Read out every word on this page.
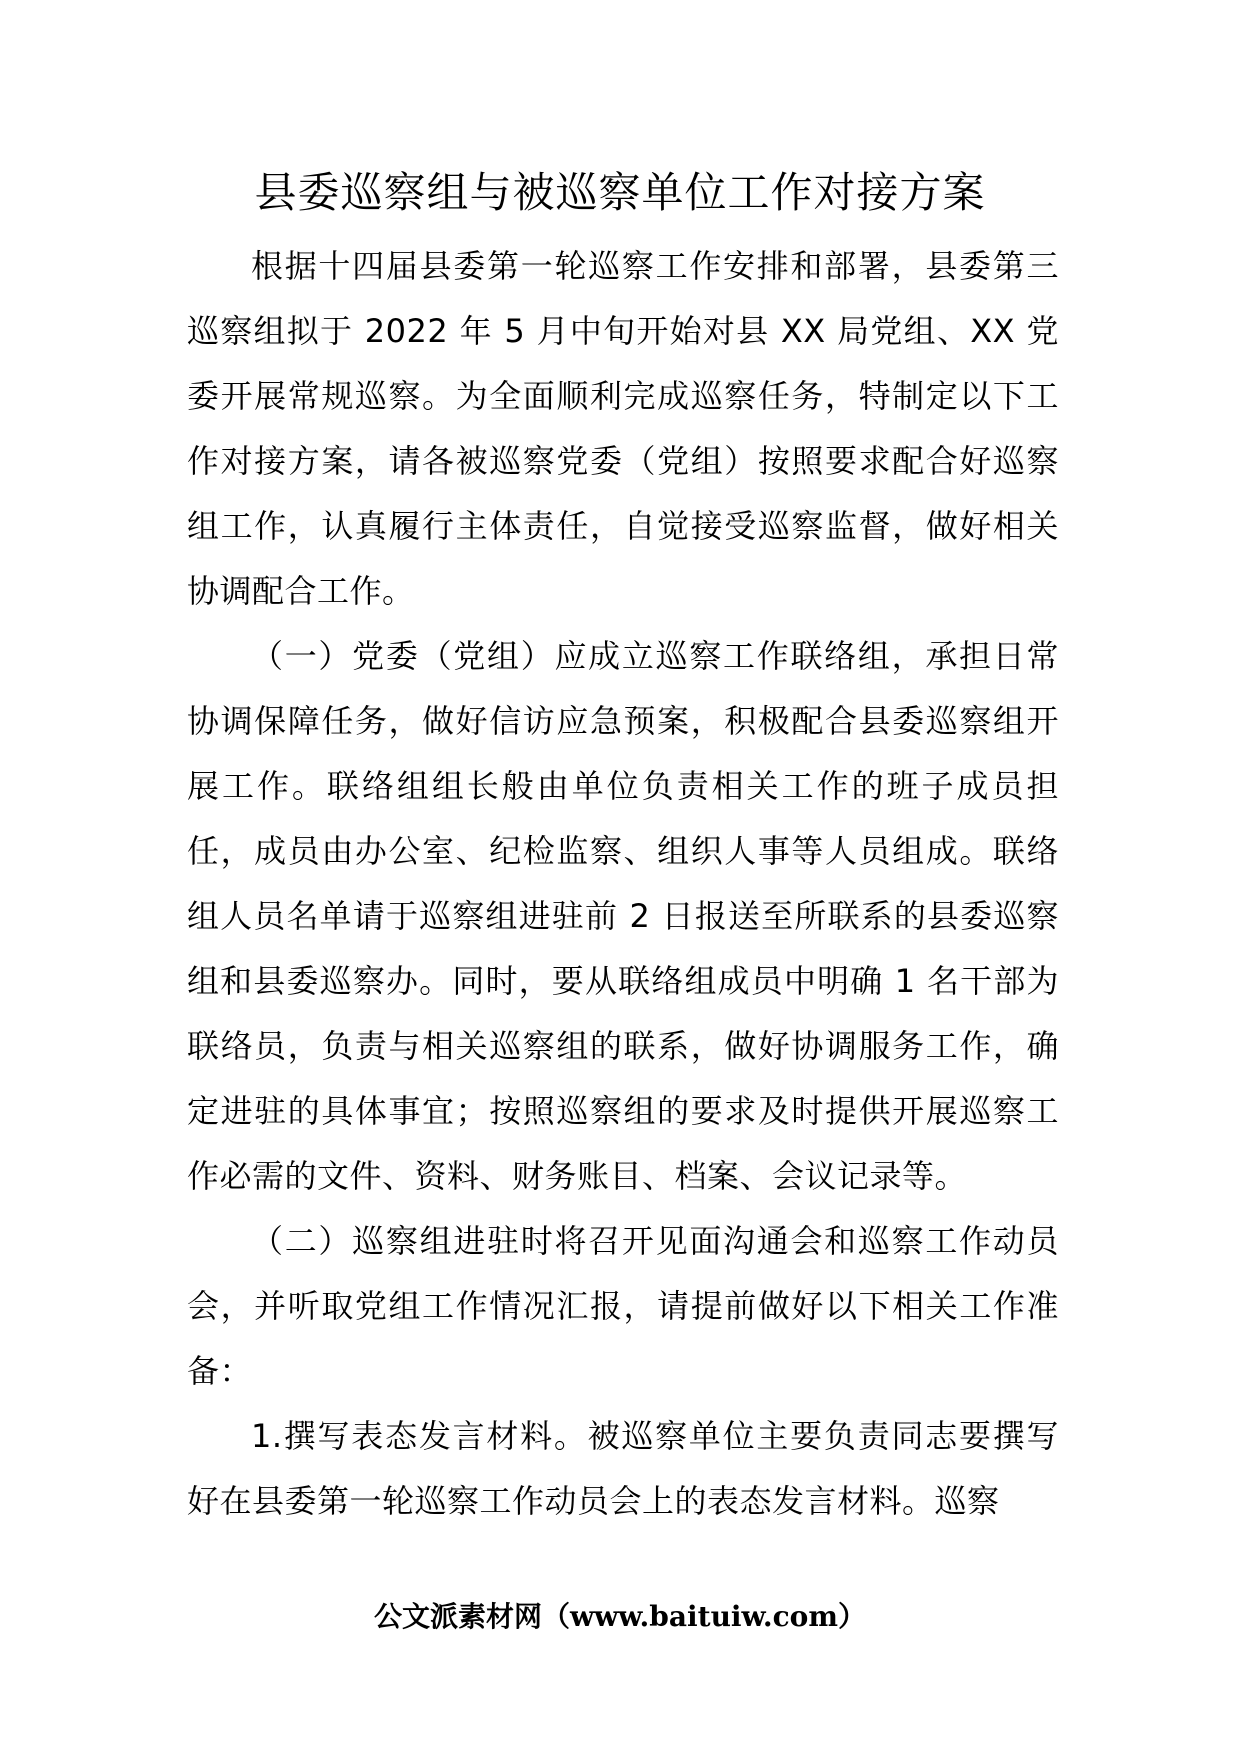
县委巡察组与被巡察单位工作对接方案

根据十四届县委第一轮巡察工作安排和部署，县委第三巡察组拟于 2022 年 5 月中旬开始对县 XX 局党组、XX 党委开展常规巡察。为全面顺利完成巡察任务，特制定以下工作对接方案，请各被巡察党委（党组）按照要求配合好巡察组工作，认真履行主体责任，自觉接受巡察监督，做好相关协调配合工作。

（一）党委（党组）应成立巡察工作联络组，承担日常协调保障任务，做好信访应急预案，积极配合县委巡察组开展工作。联络组组长般由单位负责相关工作的班子成员担任，成员由办公室、纪检监察、组织人事等人员组成。联络组人员名单请于巡察组进驻前 2 日报送至所联系的县委巡察组和县委巡察办。同时，要从联络组成员中明确 1 名干部为联络员，负责与相关巡察组的联系，做好协调服务工作，确定进驻的具体事宜；按照巡察组的要求及时提供开展巡察工作必需的文件、资料、财务账目、档案、会议记录等。

（二）巡察组进驻时将召开见面沟通会和巡察工作动员会，并听取党组工作情况汇报，请提前做好以下相关工作准备：

1.撰写表态发言材料。被巡察单位主要负责同志要撰写好在县委第一轮巡察工作动员会上的表态发言材料。巡察

公文派素材网（www.baituiw.com）
